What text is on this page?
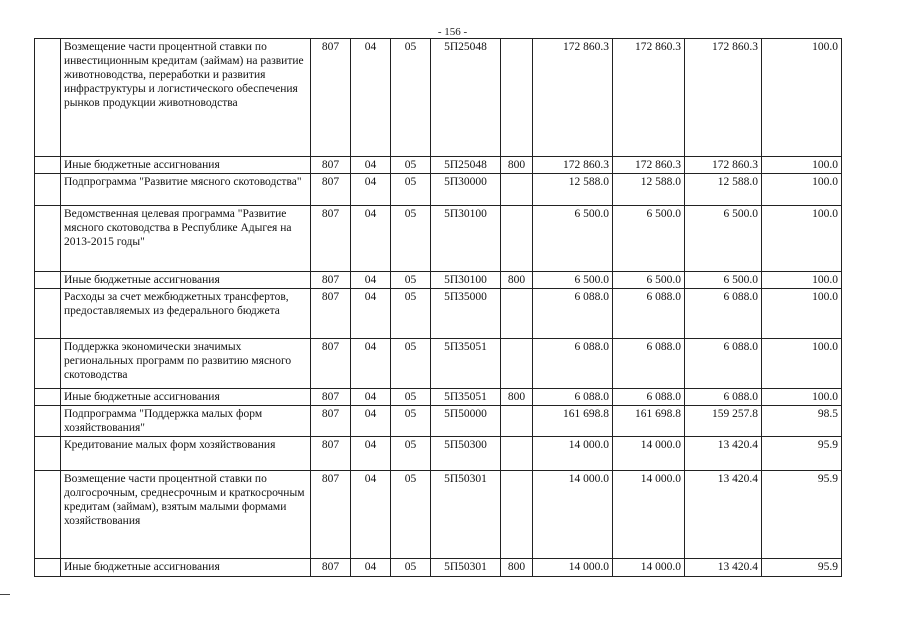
- 156 -
	Возмещение части процентной ставки по инвестиционным кредитам (займам) на развитие животноводства, переработки и развития инфраструктуры и логистического обеспечения рынков продукции животноводства	807	04	05	5П25048		172 860.3	172 860.3	172 860.3	100.0
	Иные бюджетные ассигнования	807	04	05	5П25048	800	172 860.3	172 860.3	172 860.3	100.0
	Подпрограмма "Развитие мясного скотоводства"	807	04	05	5П30000		12 588.0	12 588.0	12 588.0	100.0
	Ведомственная целевая программа "Развитие мясного скотоводства в Республике Адыгея на 2013-2015 годы"	807	04	05	5П30100		6 500.0	6 500.0	6 500.0	100.0
	Иные бюджетные ассигнования	807	04	05	5П30100	800	6 500.0	6 500.0	6 500.0	100.0
	Расходы за счет межбюджетных трансфертов, предоставляемых из федерального бюджета	807	04	05	5П35000		6 088.0	6 088.0	6 088.0	100.0
	Поддержка экономически значимых региональных программ по развитию мясного скотоводства	807	04	05	5П35051		6 088.0	6 088.0	6 088.0	100.0
	Иные бюджетные ассигнования	807	04	05	5П35051	800	6 088.0	6 088.0	6 088.0	100.0
	Подпрограмма "Поддержка малых форм хозяйствования"	807	04	05	5П50000		161 698.8	161 698.8	159 257.8	98.5
	Кредитование малых форм хозяйствования	807	04	05	5П50300		14 000.0	14 000.0	13 420.4	95.9
	Возмещение части процентной ставки по долгосрочным, среднесрочным и краткосрочным кредитам (займам), взятым малыми формами хозяйствования	807	04	05	5П50301		14 000.0	14 000.0	13 420.4	95.9
	Иные бюджетные ассигнования	807	04	05	5П50301	800	14 000.0	14 000.0	13 420.4	95.9
